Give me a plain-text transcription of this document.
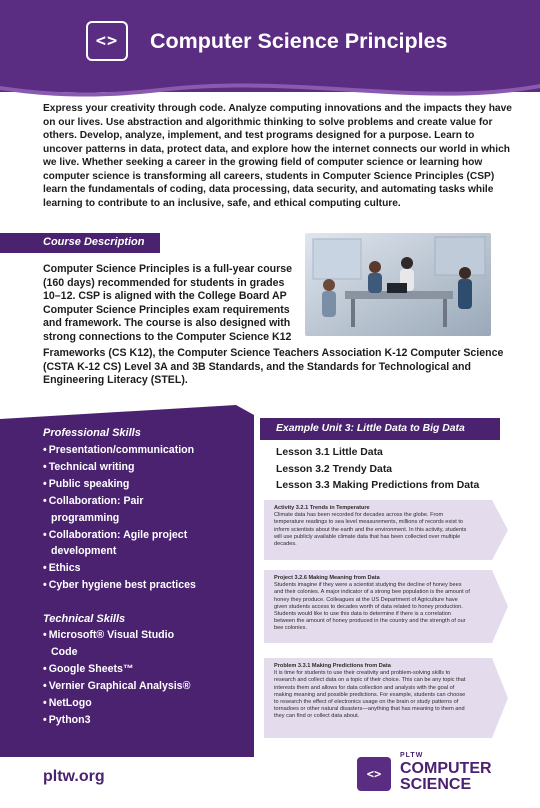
<>	Computer Science Principles

Express your creativity through code. Analyze computing innovations and the impacts they have on our lives. Use abstraction and algorithmic thinking to solve problems and create value for others. Develop, analyze, implement, and test programs designed for a purpose. Learn to uncover patterns in data, protect data, and explore how the internet connects our world in which we live. Whether seeking a career in the growing field of computer science or learning how computer science is transforming all careers, students in Computer Science Principles (CSP) learn the fundamentals of coding, data processing, data security, and automating tasks while learning to contribute to an inclusive, safe, and ethical computing culture.

Course Description

Computer Science Principles is a full-year course (160 days) recommended for students in grades 10–12. CSP is aligned with the College Board AP Computer Science Principles exam requirements and framework. The course is also designed with strong connections to the Computer Science K12

Frameworks (CS K12), the Computer Science Teachers Association K-12 Computer Science (CSTA K-12 CS) Level 3A and 3B Standards, and the Standards for Technological and Engineering Literacy (STEL).

Professional Skills
• Presentation/communication
• Technical writing
• Public speaking
• Collaboration: Pair
programming
• Collaboration: Agile project
development
• Ethics
• Cyber hygiene best practices
Technical Skills
• Microsoft® Visual Studio
Code
• Google Sheets™
• Vernier Graphical Analysis®
• NetLogo
• Python3
Example Unit 3: Little Data to Big Data
Lesson 3.1 Little Data
Lesson 3.2 Trendy Data
Lesson 3.3 Making Predictions from Data
Activity 3.2.1 Trends in Temperature
Climate data has been recorded for decades across the globe. From temperature readings to sea level measurements, millions of records exist to inform scientists about the earth and the environment. In this activity, students will use publicly available climate data that has been collected over multiple decades.
Project 3.2.6 Making Meaning from Data
Students imagine if they were a scientist studying the decline of honey bees and their colonies. A major indicator of a strong bee population is the amount of honey they produce. Colleagues at the US Department of Agriculture have given students access to decades worth of data related to honey production. Students would like to use this data to determine if there is a correlation between the amount of honey produced in the country and the strength of our bee colonies.
Problem 3.3.1 Making Predictions from Data
It is time for students to use their creativity and problem-solving skills to research and collect data on a topic of their choice. This can be any topic that interests them and allows for data collection and analysis with the goal of making meaning and possible predictions. For example, students can choose to research the effect of electronics usage on the brain or study patterns of tornadoes or other natural disasters—anything that has meaning to them and they can find or collect data about.
pltw.org	<>
PLTW
COMPUTER
SCIENCE
